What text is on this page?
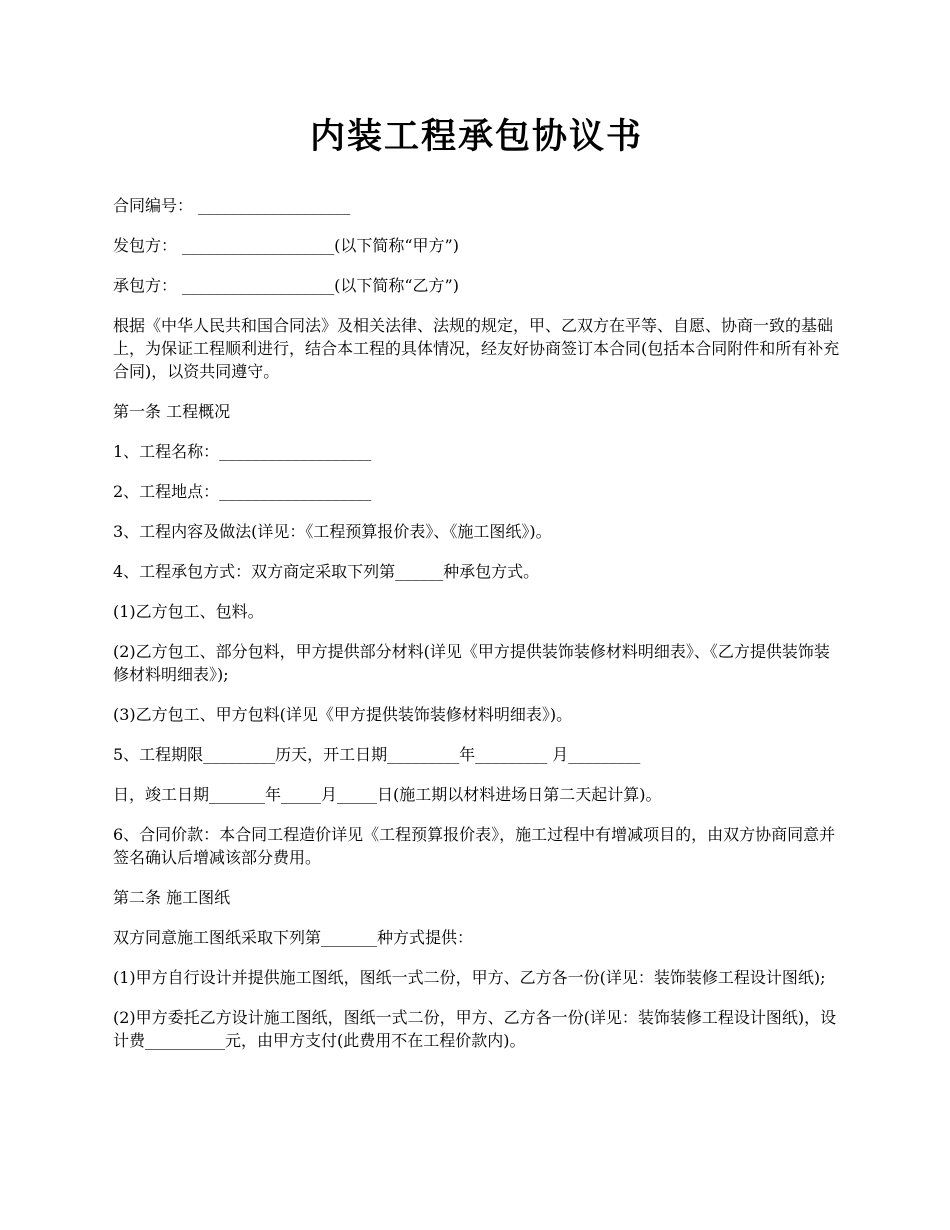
内装工程承包协议书

合同编号： ___________________

发包方： ___________________(以下简称“甲方”)

承包方： ___________________(以下简称“乙方”)

根据《中华人民共和国合同法》及相关法律、法规的规定，甲、乙双方在平等、自愿、协商一致的基础上，为保证工程顺利进行，结合本工程的具体情况，经友好协商签订本合同(包括本合同附件和所有补充合同)，以资共同遵守。

第一条 工程概况

1、工程名称：___________________

2、工程地点：___________________

3、工程内容及做法(详见：《工程预算报价表》、《施工图纸》)。

4、工程承包方式：双方商定采取下列第______种承包方式。

(1)乙方包工、包料。

(2)乙方包工、部分包料，甲方提供部分材料(详见《甲方提供装饰装修材料明细表》、《乙方提供装饰装修材料明细表》);

(3)乙方包工、甲方包料(详见《甲方提供装饰装修材料明细表》)。

5、工程期限_________历天，开工日期_________年_________ 月_________

日，竣工日期_______年_____月_____日(施工期以材料进场日第二天起计算)。

6、合同价款：本合同工程造价详见《工程预算报价表》，施工过程中有增减项目的，由双方协商同意并签名确认后增减该部分费用。

第二条 施工图纸

双方同意施工图纸采取下列第_______种方式提供：

(1)甲方自行设计并提供施工图纸，图纸一式二份，甲方、乙方各一份(详见：装饰装修工程设计图纸);

(2)甲方委托乙方设计施工图纸，图纸一式二份，甲方、乙方各一份(详见：装饰装修工程设计图纸)，设计费__________元，由甲方支付(此费用不在工程价款内)。
